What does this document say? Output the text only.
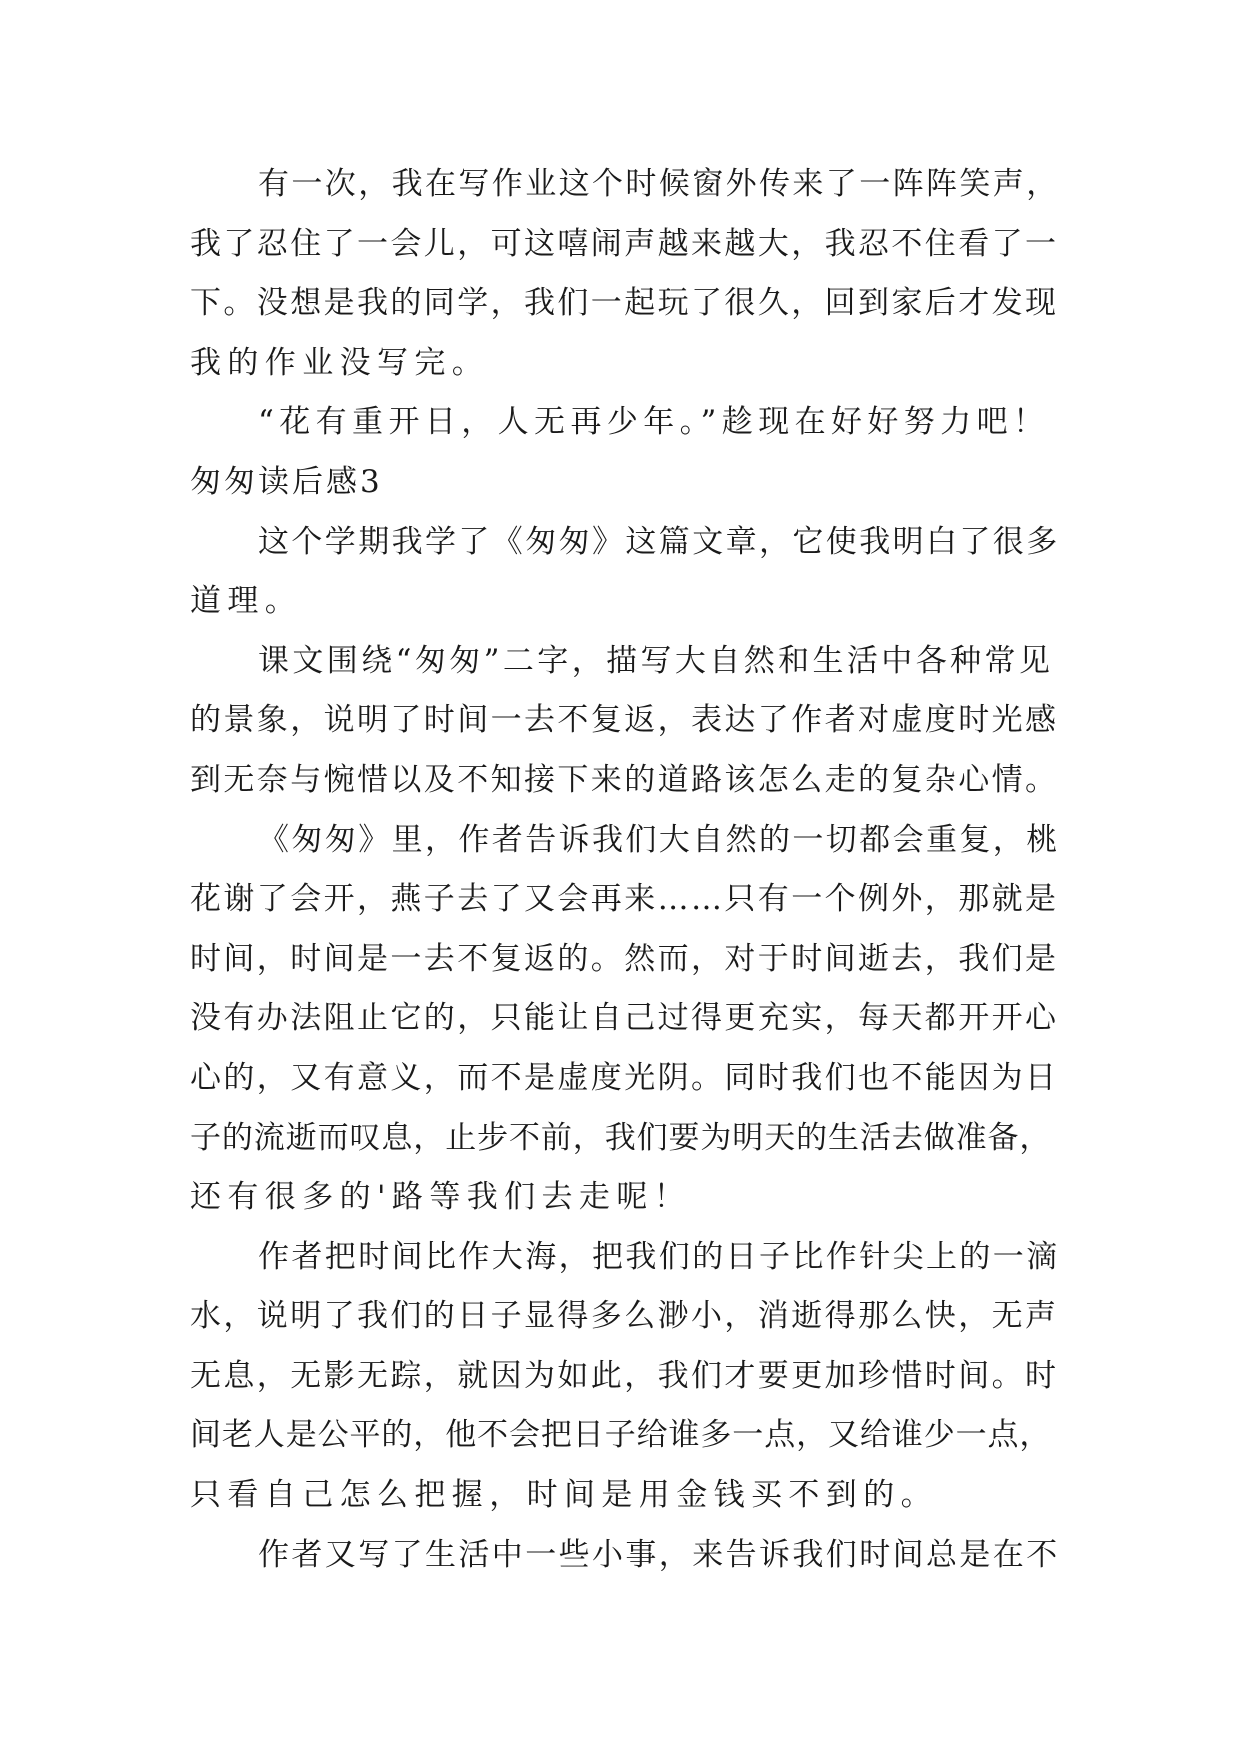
有一次，我在写作业这个时候窗外传来了一阵阵笑声，
我了忍住了一会儿，可这嘻闹声越来越大，我忍不住看了一
下。没想是我的同学，我们一起玩了很久，回到家后才发现
我的作业没写完。
“花有重开日，人无再少年。”趁现在好好努力吧！
匆匆读后感3
这个学期我学了《匆匆》这篇文章，它使我明白了很多
道理。
课文围绕“匆匆”二字，描写大自然和生活中各种常见
的景象，说明了时间一去不复返，表达了作者对虚度时光感
到无奈与惋惜以及不知接下来的道路该怎么走的复杂心情。
《匆匆》里，作者告诉我们大自然的一切都会重复，桃
花谢了会开，燕子去了又会再来……只有一个例外，那就是
时间，时间是一去不复返的。然而，对于时间逝去，我们是
没有办法阻止它的，只能让自己过得更充实，每天都开开心
心的，又有意义，而不是虚度光阴。同时我们也不能因为日
子的流逝而叹息，止步不前，我们要为明天的生活去做准备，
还有很多的'路等我们去走呢！
作者把时间比作大海，把我们的日子比作针尖上的一滴
水，说明了我们的日子显得多么渺小，消逝得那么快，无声
无息，无影无踪，就因为如此，我们才要更加珍惜时间。时
间老人是公平的，他不会把日子给谁多一点，又给谁少一点，
只看自己怎么把握，时间是用金钱买不到的。
作者又写了生活中一些小事，来告诉我们时间总是在不
